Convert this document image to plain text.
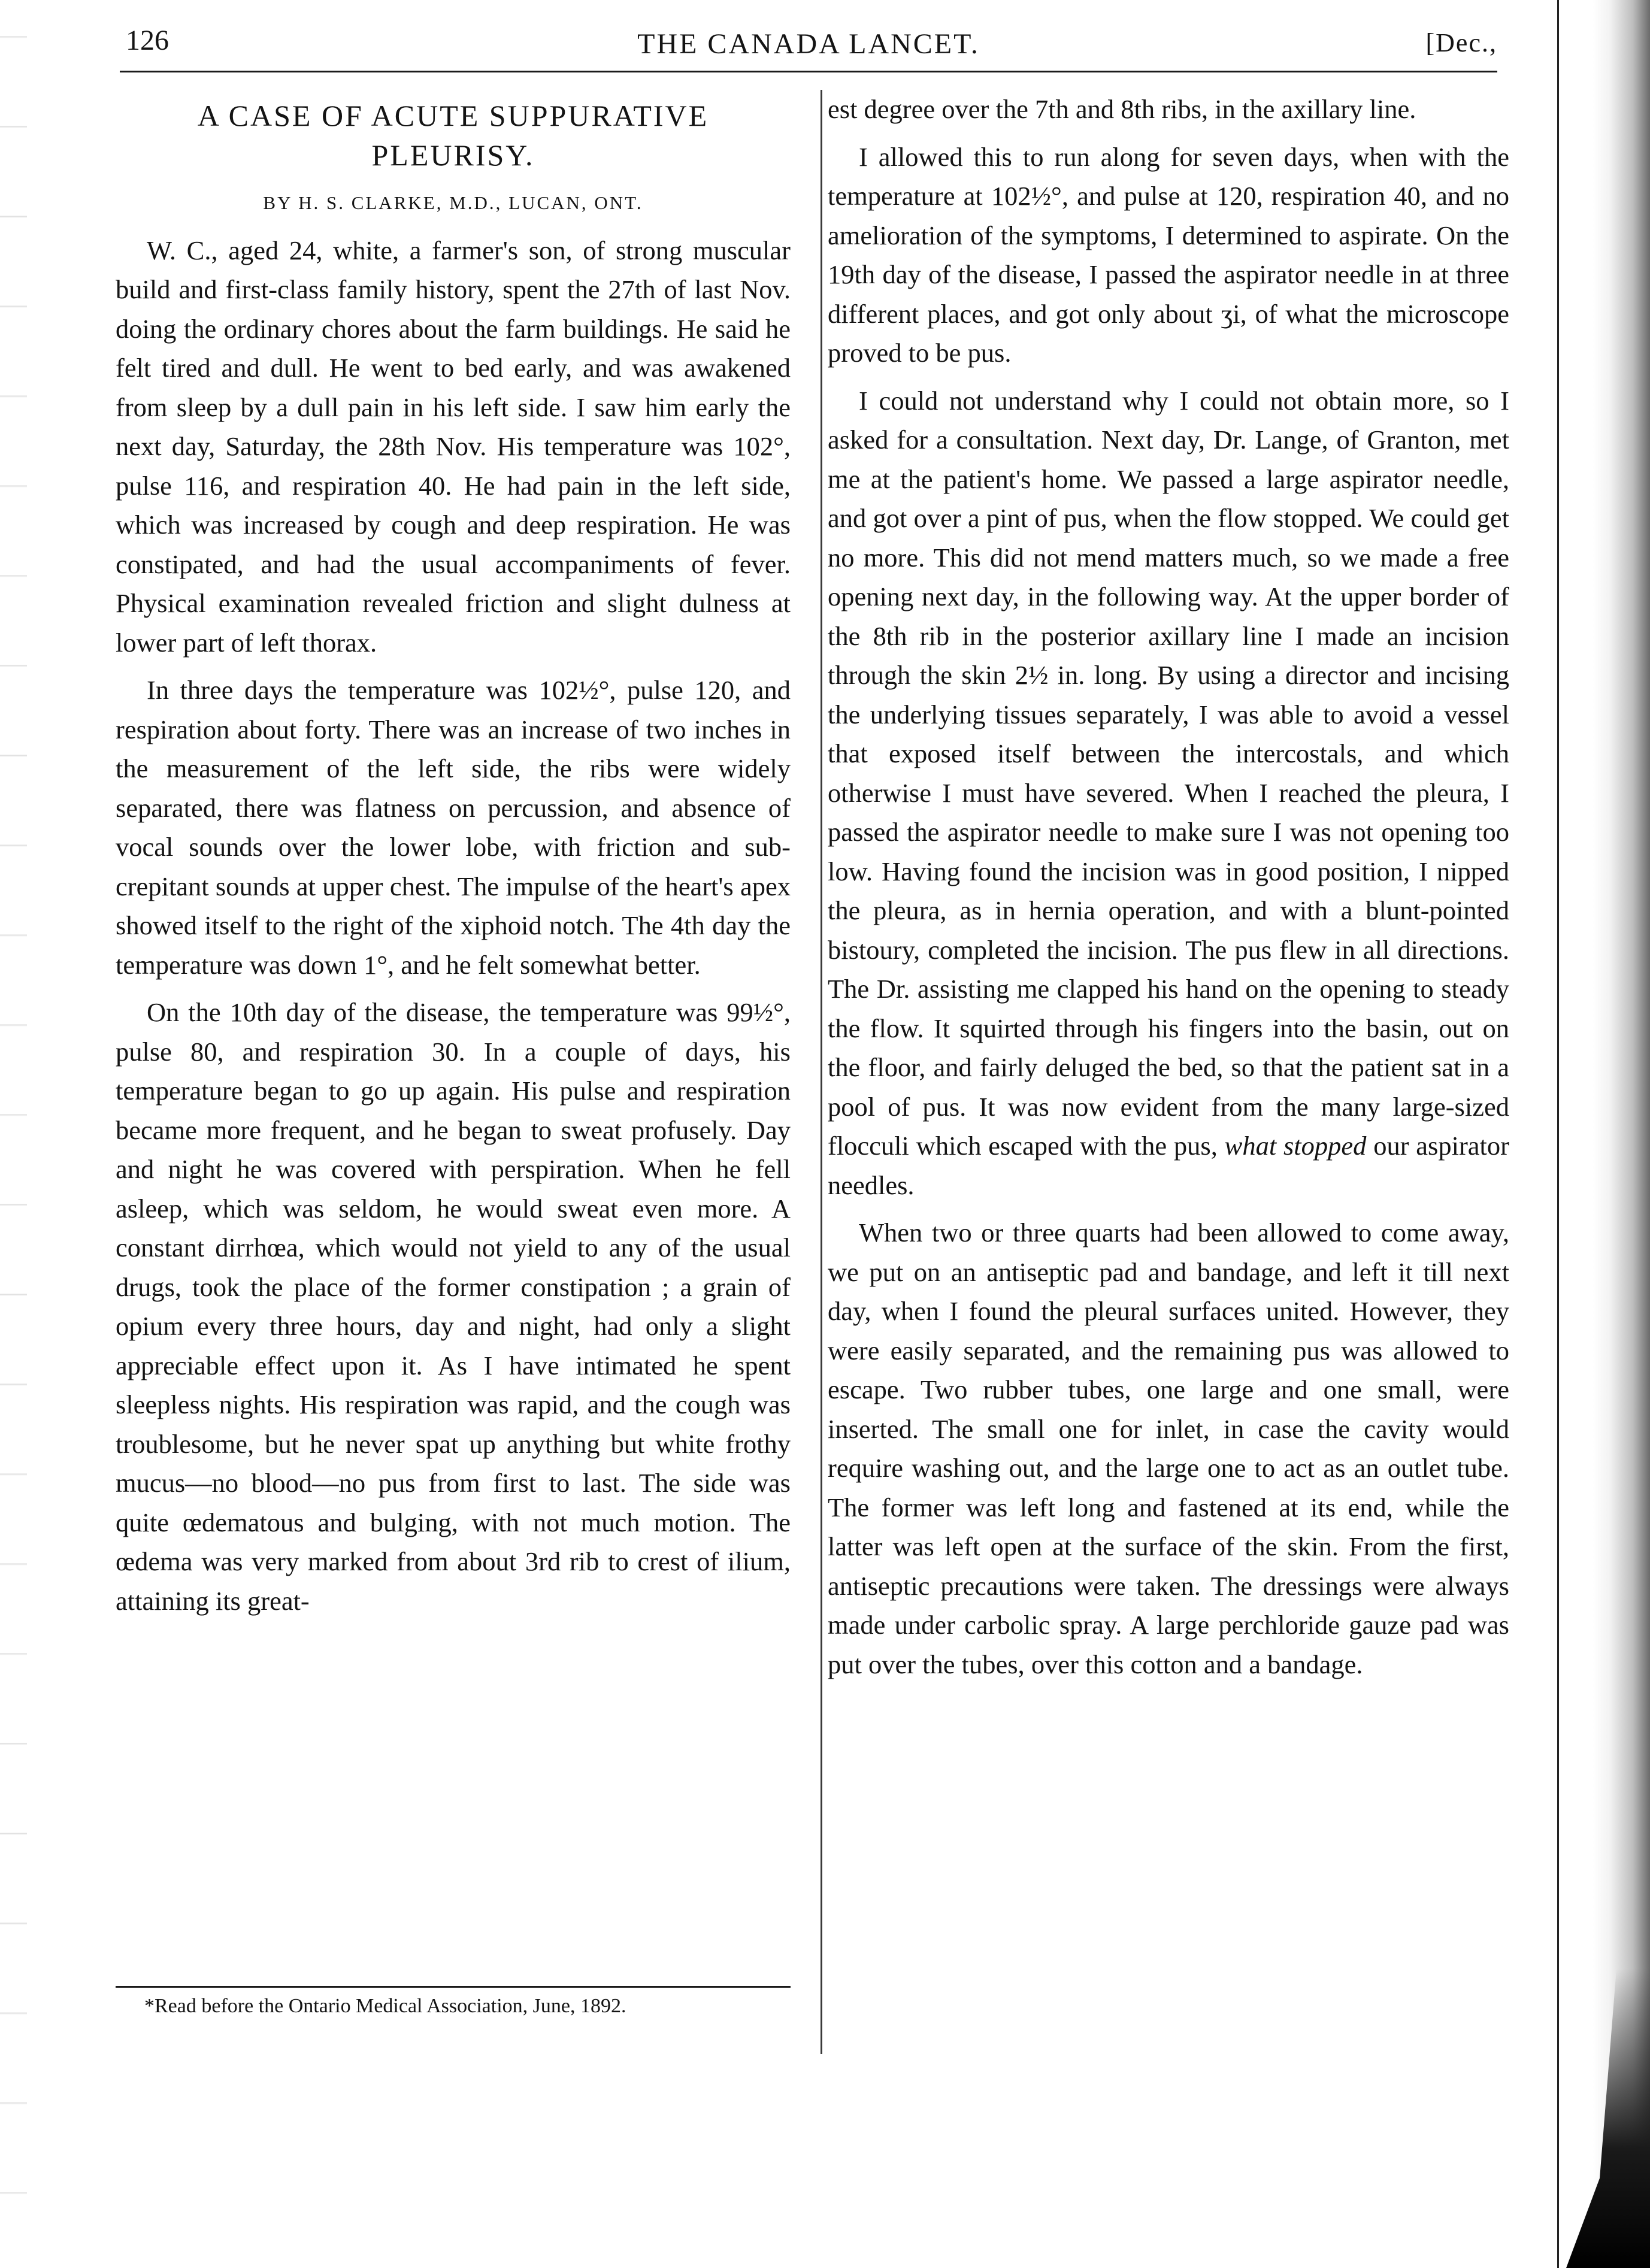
126	THE CANADA LANCET.	[Dec.,

A CASE OF ACUTE SUPPURATIVE
PLEURISY.

BY H. S. CLARKE, M.D., LUCAN, ONT.

W. C., aged 24, white, a farmer's son, of strong muscular build and first-class family history, spent the 27th of last Nov. doing the ordinary chores about the farm buildings. He said he felt tired and dull. He went to bed early, and was awakened from sleep by a dull pain in his left side. I saw him early the next day, Saturday, the 28th Nov. His temperature was 102°, pulse 116, and respiration 40. He had pain in the left side, which was increased by cough and deep respiration. He was constipated, and had the usual accompaniments of fever. Physical examination revealed friction and slight dulness at lower part of left thorax.

In three days the temperature was 102½°, pulse 120, and respiration about forty. There was an increase of two inches in the measurement of the left side, the ribs were widely separated, there was flatness on percussion, and absence of vocal sounds over the lower lobe, with friction and sub-crepitant sounds at upper chest. The impulse of the heart's apex showed itself to the right of the xiphoid notch. The 4th day the temperature was down 1°, and he felt somewhat better.

On the 10th day of the disease, the temperature was 99½°, pulse 80, and respiration 30. In a couple of days, his temperature began to go up again. His pulse and respiration became more frequent, and he began to sweat profusely. Day and night he was covered with perspiration. When he fell asleep, which was seldom, he would sweat even more. A constant dirrhœa, which would not yield to any of the usual drugs, took the place of the former constipation ; a grain of opium every three hours, day and night, had only a slight appreciable effect upon it. As I have intimated he spent sleepless nights. His respiration was rapid, and the cough was troublesome, but he never spat up anything but white frothy mucus—no blood—no pus from first to last. The side was quite œdematous and bulging, with not much motion. The œdema was very marked from about 3rd rib to crest of ilium, attaining its great-

*Read before the Ontario Medical Association, June, 1892.

est degree over the 7th and 8th ribs, in the axillary line.

I allowed this to run along for seven days, when with the temperature at 102½°, and pulse at 120, respiration 40, and no amelioration of the symptoms, I determined to aspirate. On the 19th day of the disease, I passed the aspirator needle in at three different places, and got only about ʒi, of what the microscope proved to be pus.

I could not understand why I could not obtain more, so I asked for a consultation. Next day, Dr. Lange, of Granton, met me at the patient's home. We passed a large aspirator needle, and got over a pint of pus, when the flow stopped. We could get no more. This did not mend matters much, so we made a free opening next day, in the following way. At the upper border of the 8th rib in the posterior axillary line I made an incision through the skin 2½ in. long. By using a director and incising the underlying tissues separately, I was able to avoid a vessel that exposed itself between the intercostals, and which otherwise I must have severed. When I reached the pleura, I passed the aspirator needle to make sure I was not opening too low. Having found the incision was in good position, I nipped the pleura, as in hernia operation, and with a blunt-pointed bistoury, completed the incision. The pus flew in all directions. The Dr. assisting me clapped his hand on the opening to steady the flow. It squirted through his fingers into the basin, out on the floor, and fairly deluged the bed, so that the patient sat in a pool of pus. It was now evident from the many large-sized flocculi which escaped with the pus, what stopped our aspirator needles.

When two or three quarts had been allowed to come away, we put on an antiseptic pad and bandage, and left it till next day, when I found the pleural surfaces united. However, they were easily separated, and the remaining pus was allowed to escape. Two rubber tubes, one large and one small, were inserted. The small one for inlet, in case the cavity would require washing out, and the large one to act as an outlet tube. The former was left long and fastened at its end, while the latter was left open at the surface of the skin. From the first, antiseptic precautions were taken. The dressings were always made under carbolic spray. A large perchloride gauze pad was put over the tubes, over this cotton and a bandage.
